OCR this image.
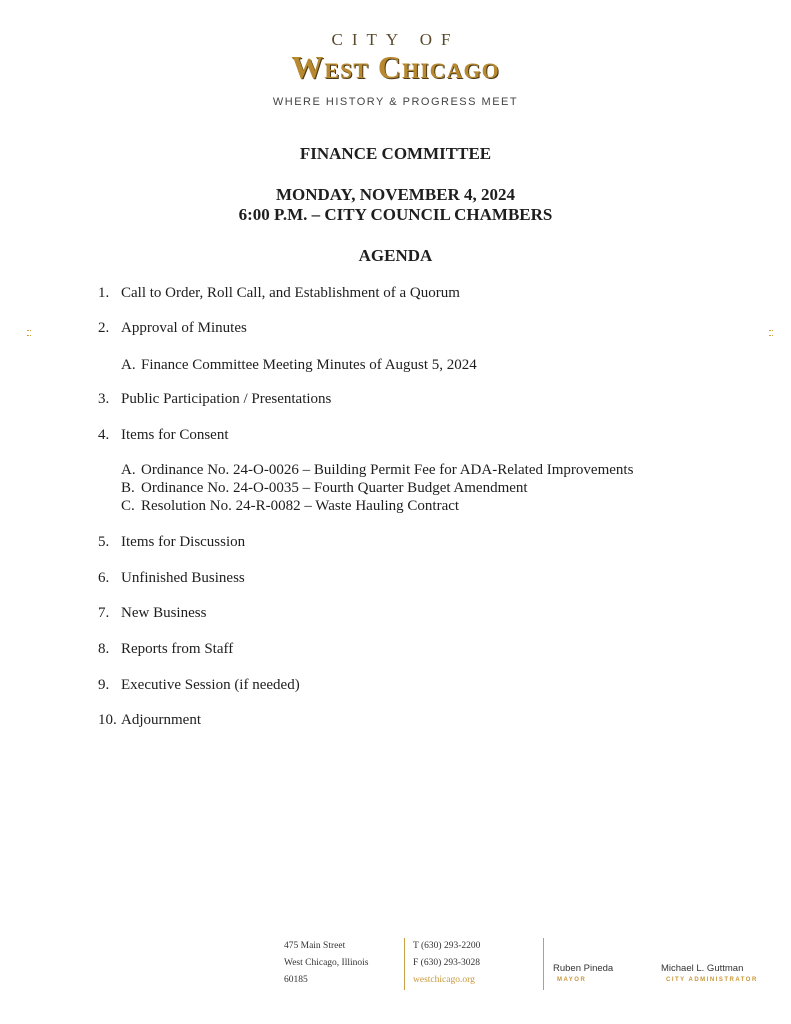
CITY OF
West Chicago
WHERE HISTORY & PROGRESS MEET
FINANCE COMMITTEE
MONDAY, NOVEMBER 4, 2024
6:00 P.M. – CITY COUNCIL CHAMBERS
AGENDA
1. Call to Order, Roll Call, and Establishment of a Quorum
2. Approval of Minutes
A. Finance Committee Meeting Minutes of August 5, 2024
3. Public Participation / Presentations
4. Items for Consent
A. Ordinance No. 24-O-0026 – Building Permit Fee for ADA-Related Improvements
B. Ordinance No. 24-O-0035 – Fourth Quarter Budget Amendment
C. Resolution No. 24-R-0082 – Waste Hauling Contract
5. Items for Discussion
6. Unfinished Business
7. New Business
8. Reports from Staff
9. Executive Session (if needed)
10. Adjournment
475 Main Street
West Chicago, Illinois
60185
T (630) 293-2200
F (630) 293-3028
westchicago.org
Ruben Pineda
MAYOR
Michael L. Guttman
CITY ADMINISTRATOR
